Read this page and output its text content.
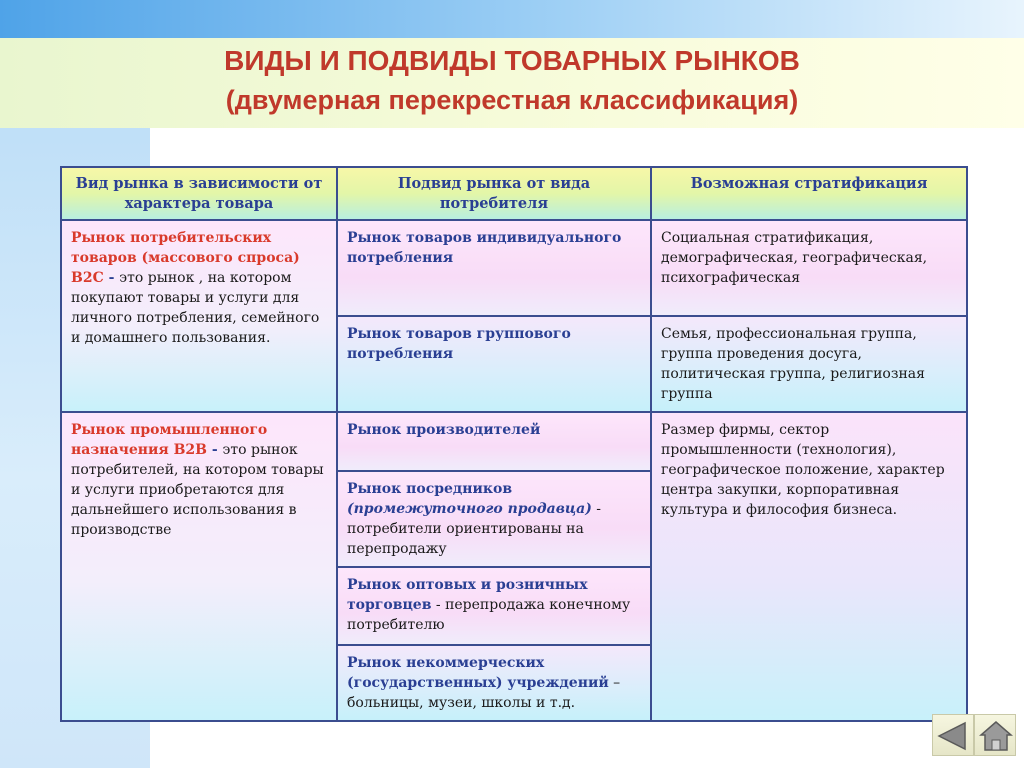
ВИДЫ И ПОДВИДЫ ТОВАРНЫХ РЫНКОВ
(двумерная перекрестная классификация)
Вид рынка в зависимости от характера товара	Подвид рынка от вида потребителя	Возможная стратификация
Рынок потребительских товаров (массового спроса) B2C - это рынок , на котором покупают товары и услуги для личного потребления, семейного и домашнего пользования.	Рынок товаров индивидуального потребления	Социальная стратификация, демографическая, географическая, психографическая
	Рынок товаров группового потребления	Семья, профессиональная группа, группа проведения досуга, политическая группа, религиозная группа
Рынок промышленного назначения B2B - это рынок потребителей, на котором товары и услуги приобретаются для дальнейшего использования в производстве	Рынок производителей	Размер фирмы, сектор промышленности (технология), географическое положение, характер центра закупки, корпоративная культура и философия бизнеса.
	Рынок посредников (промежуточного продавца) - потребители ориентированы на перепродажу	
	Рынок оптовых и розничных торговцев - перепродажа конечному потребителю	
	Рынок некоммерческих (государственных) учреждений – больницы, музеи, школы и т.д.	
